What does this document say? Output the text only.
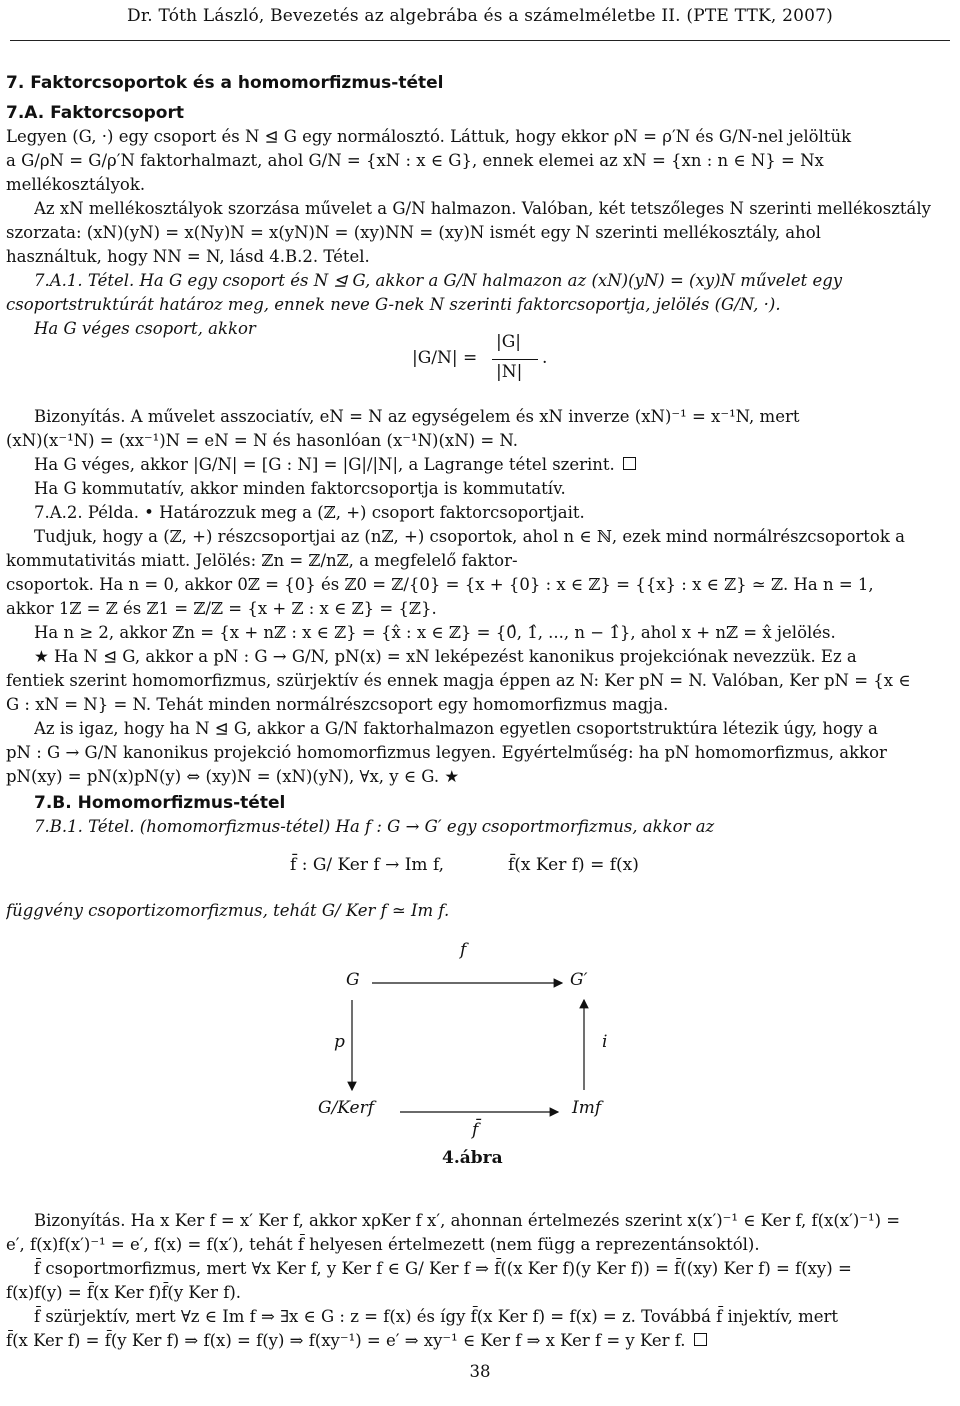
Dr. Tóth László, Bevezetés az algebrába és a számelméletbe II. (PTE TTK, 2007)
7. Faktorcsoportok és a homomorfizmus-tétel
7.A. Faktorcsoport
Legyen (G, ·) egy csoport és N ⊴ G egy normálosztó. Láttuk, hogy ekkor ρN = ρ′N és G/N-nel jelöltük
a G/ρN = G/ρ′N faktorhalmazt, ahol G/N = {xN : x ∈ G}, ennek elemei az xN = {xn : n ∈ N} = Nx
mellékosztályok.
Az xN mellékosztályok szorzása művelet a G/N halmazon. Valóban, két tetszőleges N szerinti mellékosztály
szorzata: (xN)(yN) = x(Ny)N = x(yN)N = (xy)NN = (xy)N ismét egy N szerinti mellékosztály, ahol
használtuk, hogy NN = N, lásd 4.B.2. Tétel.
7.A.1. Tétel. Ha G egy csoport és N ⊴ G, akkor a G/N halmazon az (xN)(yN) = (xy)N művelet egy
csoportstruktúrát határoz meg, ennek neve G-nek N szerinti faktorcsoportja, jelölés (G/N, ·).
Ha G véges csoport, akkor
|G/N| =
|G|
|N|
.
Bizonyítás. A művelet asszociatív, eN = N az egységelem és xN inverze (xN)⁻¹ = x⁻¹N, mert
(xN)(x⁻¹N) = (xx⁻¹)N = eN = N és hasonlóan (x⁻¹N)(xN) = N.
Ha G véges, akkor |G/N| = [G : N] = |G|/|N|, a Lagrange tétel szerint.
Ha G kommutatív, akkor minden faktorcsoportja is kommutatív.
7.A.2. Példa. • Határozzuk meg a (ℤ, +) csoport faktorcsoportjait.
Tudjuk, hogy a (ℤ, +) részcsoportjai az (nℤ, +) csoportok, ahol n ∈ ℕ, ezek mind normálrészcsoportok a
kommutativitás miatt. Jelölés: ℤn = ℤ/nℤ, a megfelelő faktor-
csoportok. Ha n = 0, akkor 0ℤ = {0} és ℤ0 = ℤ/{0} = {x + {0} : x ∈ ℤ} = {{x} : x ∈ ℤ} ≃ ℤ. Ha n = 1,
akkor 1ℤ = ℤ és ℤ1 = ℤ/ℤ = {x + ℤ : x ∈ ℤ} = {ℤ}.
Ha n ≥ 2, akkor ℤn = {x + nℤ : x ∈ ℤ} = {x̂ : x ∈ ℤ} = {0̂, 1̂, ..., n − 1̂}, ahol x + nℤ = x̂ jelölés.
★ Ha N ⊴ G, akkor a pN : G → G/N, pN(x) = xN leképezést kanonikus projekciónak nevezzük. Ez a
fentiek szerint homomorfizmus, szürjektív és ennek magja éppen az N: Ker pN = N. Valóban, Ker pN = {x ∈
G : xN = N} = N. Tehát minden normálrészcsoport egy homomorfizmus magja.
Az is igaz, hogy ha N ⊴ G, akkor a G/N faktorhalmazon egyetlen csoportstruktúra létezik úgy, hogy a
pN : G → G/N kanonikus projekció homomorfizmus legyen. Egyértelműség: ha pN homomorfizmus, akkor
pN(xy) = pN(x)pN(y) ⇔ (xy)N = (xN)(yN), ∀x, y ∈ G. ★
7.B. Homomorfizmus-tétel
7.B.1. Tétel. (homomorfizmus-tétel) Ha f : G → G′ egy csoportmorfizmus, akkor az
f̄ : G/ Ker f → Im f,	f̄(x Ker f) = f(x)
függvény csoportizomorfizmus, tehát G/ Ker f ≃ Im f.
f
G	G′
p	i
G/Kerf	Imf
f̄
4.ábra
Bizonyítás. Ha x Ker f = x′ Ker f, akkor xρKer f x′, ahonnan értelmezés szerint x(x′)⁻¹ ∈ Ker f, f(x(x′)⁻¹) =
e′, f(x)f(x′)⁻¹ = e′, f(x) = f(x′), tehát f̄ helyesen értelmezett (nem függ a reprezentánsoktól).
f̄ csoportmorfizmus, mert ∀x Ker f, y Ker f ∈ G/ Ker f ⇒ f̄((x Ker f)(y Ker f)) = f̄((xy) Ker f) = f(xy) =
f(x)f(y) = f̄(x Ker f)f̄(y Ker f).
f̄ szürjektív, mert ∀z ∈ Im f ⇒ ∃x ∈ G : z = f(x) és így f̄(x Ker f) = f(x) = z. Továbbá f̄ injektív, mert
f̄(x Ker f) = f̄(y Ker f) ⇒ f(x) = f(y) ⇒ f(xy⁻¹) = e′ ⇒ xy⁻¹ ∈ Ker f ⇒ x Ker f = y Ker f.
38
